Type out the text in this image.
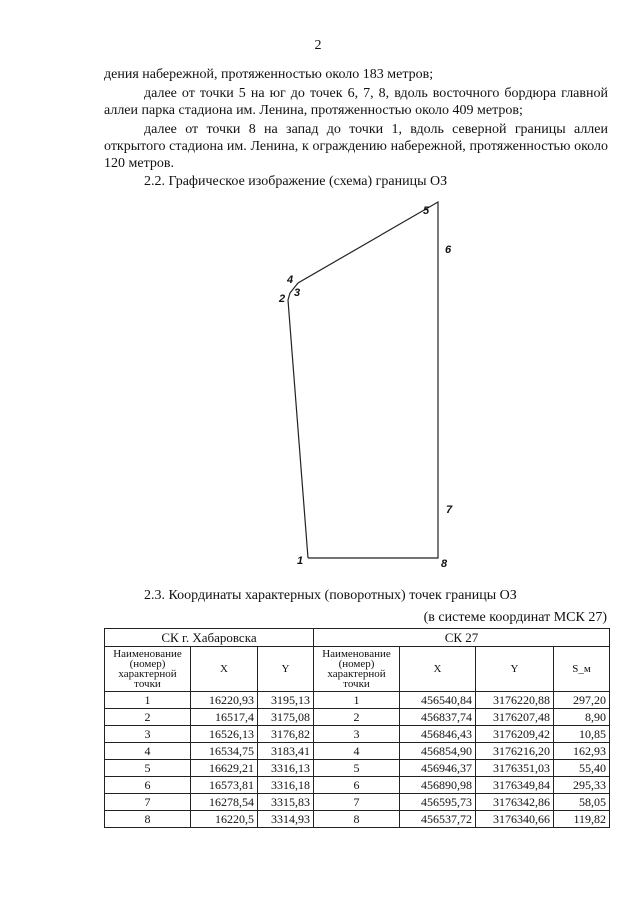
2
дения набережной, протяженностью около 183 метров;
далее от точки 5 на юг до точек 6, 7, 8, вдоль восточного бордюра главной аллеи парка стадиона им. Ленина, протяженностью около 409 метров;
далее от точки 8 на запад до точки 1, вдоль северной границы аллеи открытого стадиона им. Ленина, к ограждению набережной, протяженностью около 120 метров.
2.2. Графическое изображение (схема) границы ОЗ
1
2 3
4
5
6
7
8
2.3. Координаты характерных (поворотных) точек границы ОЗ
(в системе координат МСК 27)
СК г. Хабаровска			СК 27			
Наименование (номер) характерной точки	X	Y	Наименование (номер) характерной точки	X	Y	S_м
1	16220,93	3195,13	1	456540,84	3176220,88	297,20
2	16517,4	3175,08	2	456837,74	3176207,48	8,90
3	16526,13	3176,82	3	456846,43	3176209,42	10,85
4	16534,75	3183,41	4	456854,90	3176216,20	162,93
5	16629,21	3316,13	5	456946,37	3176351,03	55,40
6	16573,81	3316,18	6	456890,98	3176349,84	295,33
7	16278,54	3315,83	7	456595,73	3176342,86	58,05
8	16220,5	3314,93	8	456537,72	3176340,66	119,82
